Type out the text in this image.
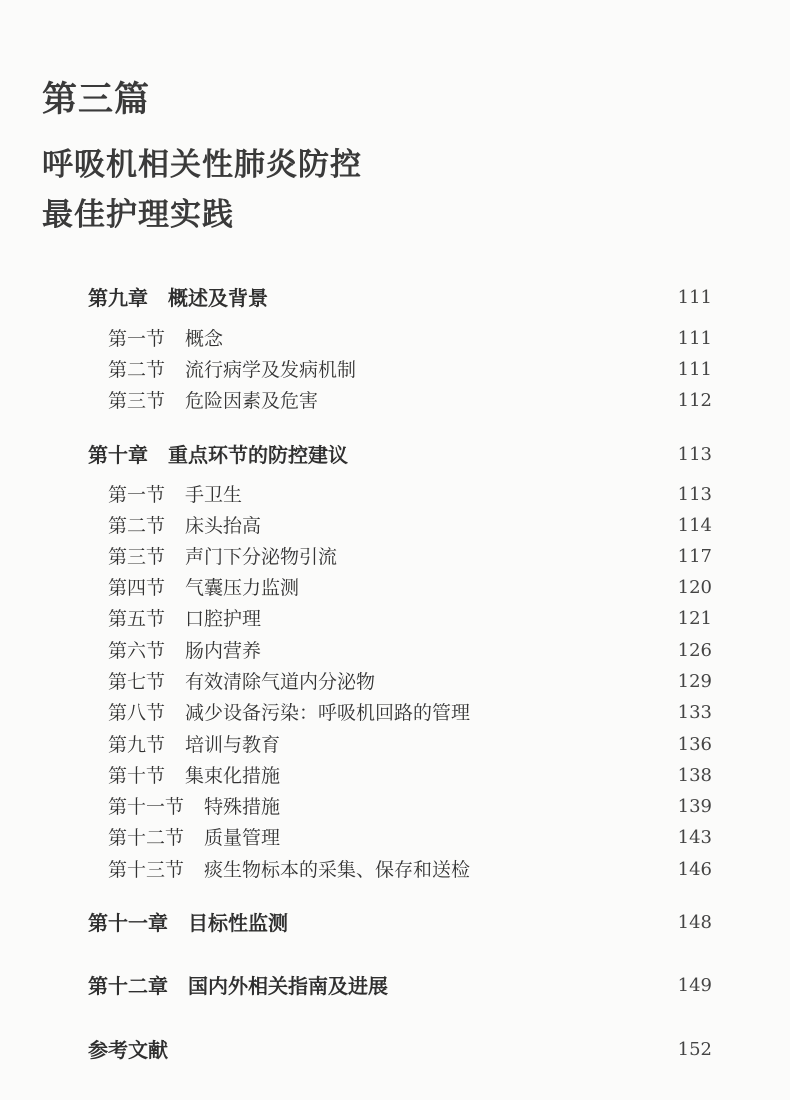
第三篇
呼吸机相关性肺炎防控
最佳护理实践
第九章 概述及背景	111
第一节 概念	111
第二节 流行病学及发病机制	111
第三节 危险因素及危害	112
第十章 重点环节的防控建议	113
第一节 手卫生	113
第二节 床头抬高	114
第三节 声门下分泌物引流	117
第四节 气囊压力监测	120
第五节 口腔护理	121
第六节 肠内营养	126
第七节 有效清除气道内分泌物	129
第八节 减少设备污染：呼吸机回路的管理	133
第九节 培训与教育	136
第十节 集束化措施	138
第十一节 特殊措施	139
第十二节 质量管理	143
第十三节 痰生物标本的采集、保存和送检	146
第十一章 目标性监测	148
第十二章 国内外相关指南及进展	149
参考文献	152
